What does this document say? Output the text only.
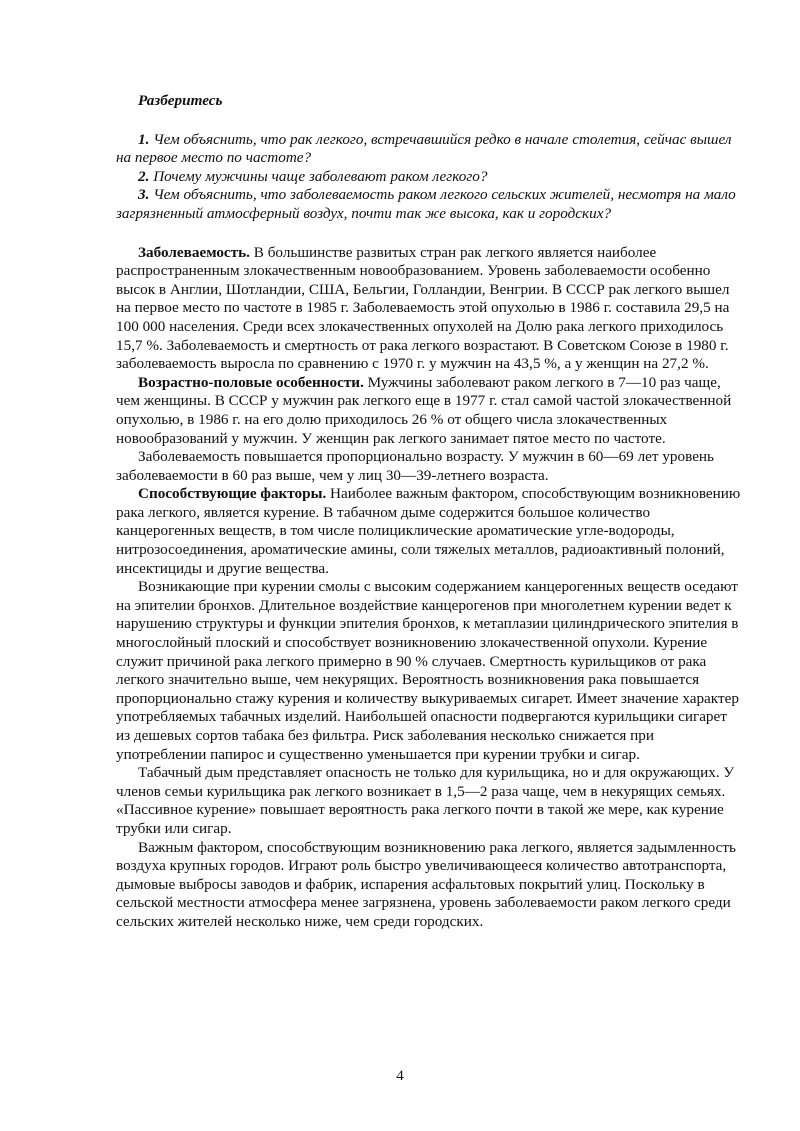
Разберитесь

1. Чем объяснить, что рак легкого, встречавшийся редко в начале столетия, сейчас вышел на первое место по частоте?

2. Почему мужчины чаще заболевают раком легкого?

3. Чем объяснить, что заболеваемость раком легкого сельских жителей, несмотря на мало загрязненный атмосферный воздух, почти так же высока, как и городских?

Заболеваемость. В большинстве развитых стран рак легкого является наиболее распространенным злокачественным новообразованием. Уровень заболеваемости особенно высок в Англии, Шотландии, США, Бельгии, Голландии, Венгрии. В СССР рак легкого вышел на первое место по частоте в 1985 г. Заболеваемость этой опухолью в 1986 г. составила 29,5 на 100 000 населения. Среди всех злокачественных опухолей на Долю рака легкого приходилось 15,7 %. Заболеваемость и смертность от рака легкого возрастают. В Советском Союзе в 1980 г. заболеваемость выросла по сравнению с 1970 г. у мужчин на 43,5 %, а у женщин на 27,2 %.

Возрастно-половые особенности. Мужчины заболевают раком легкого в 7—10 раз чаще, чем женщины. В СССР у мужчин рак легкого еще в 1977 г. стал самой частой злокачественной опухолью, в 1986 г. на его долю приходилось 26 % от общего числа злокачественных новообразований у мужчин. У женщин рак легкого занимает пятое место по частоте.

Заболеваемость повышается пропорционально возрасту. У мужчин в 60—69 лет уровень заболеваемости в 60 раз выше, чем у лиц 30—39-летнего возраста.

Способствующие факторы. Наиболее важным фактором, способствующим возникновению рака легкого, является курение. В табачном дыме содержится большое количество канцерогенных веществ, в том числе полициклические ароматические угле-водороды, нитрозосоединения, ароматические амины, соли тяжелых металлов, радиоактивный полоний, инсектициды и другие вещества.

Возникающие при курении смолы с высоким содержанием канцерогенных веществ оседают на эпителии бронхов. Длительное воздействие канцерогенов при многолетнем курении ведет к нарушению структуры и функции эпителия бронхов, к метаплазии цилиндрического эпителия в многослойный плоский и способствует возникновению злокачественной опухоли. Курение служит причиной рака легкого примерно в 90 % случаев. Смертность курильщиков от рака легкого значительно выше, чем некурящих. Вероятность возникновения рака повышается пропорционально стажу курения и количеству выкуриваемых сигарет. Имеет значение характер употребляемых табачных изделий. Наибольшей опасности подвергаются курильщики сигарет из дешевых сортов табака без фильтра. Риск заболевания несколько снижается при употреблении папирос и существенно уменьшается при курении трубки и сигар.

Табачный дым представляет опасность не только для курильщика, но и для окружающих. У членов семьи курильщика рак легкого возникает в 1,5—2 раза чаще, чем в некурящих семьях. «Пассивное курение» повышает вероятность рака легкого почти в такой же мере, как курение трубки или сигар.

Важным фактором, способствующим возникновению рака легкого, является задымленность воздуха крупных городов. Играют роль быстро увеличивающееся количество автотранспорта, дымовые выбросы заводов и фабрик, испарения асфальтовых покрытий улиц. Поскольку в сельской местности атмосфера менее загрязнена, уровень заболеваемости раком легкого среди сельских жителей несколько ниже, чем среди городских.

4
